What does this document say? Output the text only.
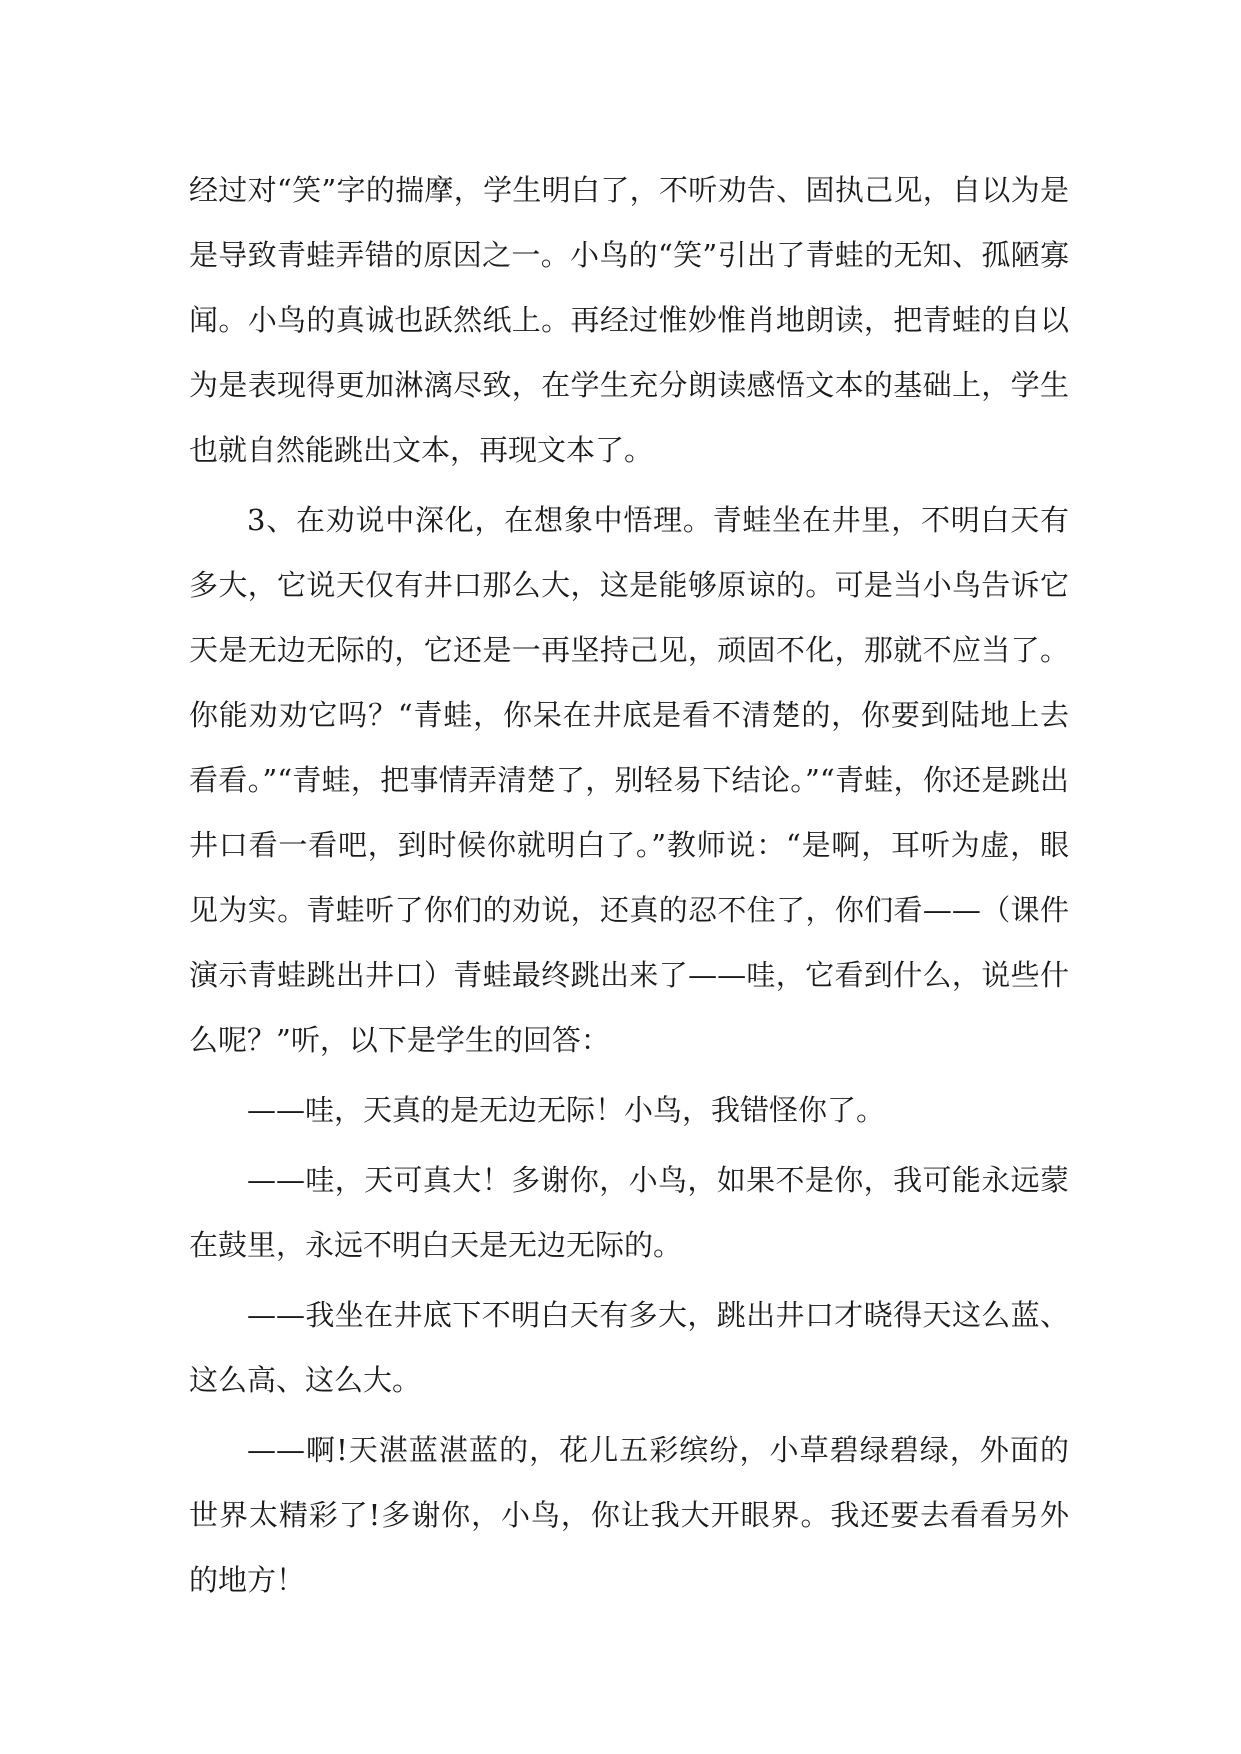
经过对“笑”字的揣摩，学生明白了，不听劝告、固执己见，自以为是是导致青蛙弄错的原因之一。小鸟的“笑”引出了青蛙的无知、孤陋寡闻。小鸟的真诚也跃然纸上。再经过惟妙惟肖地朗读，把青蛙的自以为是表现得更加淋漓尽致，在学生充分朗读感悟文本的基础上，学生也就自然能跳出文本，再现文本了。

3、在劝说中深化，在想象中悟理。青蛙坐在井里，不明白天有多大，它说天仅有井口那么大，这是能够原谅的。可是当小鸟告诉它天是无边无际的，它还是一再坚持己见，顽固不化，那就不应当了。你能劝劝它吗？“青蛙，你呆在井底是看不清楚的，你要到陆地上去看看。”“青蛙，把事情弄清楚了，别轻易下结论。”“青蛙，你还是跳出井口看一看吧，到时候你就明白了。”教师说：“是啊，耳听为虚，眼见为实。青蛙听了你们的劝说，还真的忍不住了，你们看——（课件演示青蛙跳出井口）青蛙最终跳出来了——哇，它看到什么，说些什么呢？”听，以下是学生的回答：

——哇，天真的是无边无际！小鸟，我错怪你了。

——哇，天可真大！多谢你，小鸟，如果不是你，我可能永远蒙在鼓里，永远不明白天是无边无际的。

——我坐在井底下不明白天有多大，跳出井口才晓得天这么蓝、这么高、这么大。

——啊!天湛蓝湛蓝的，花儿五彩缤纷，小草碧绿碧绿，外面的世界太精彩了!多谢你，小鸟，你让我大开眼界。我还要去看看另外的地方！
